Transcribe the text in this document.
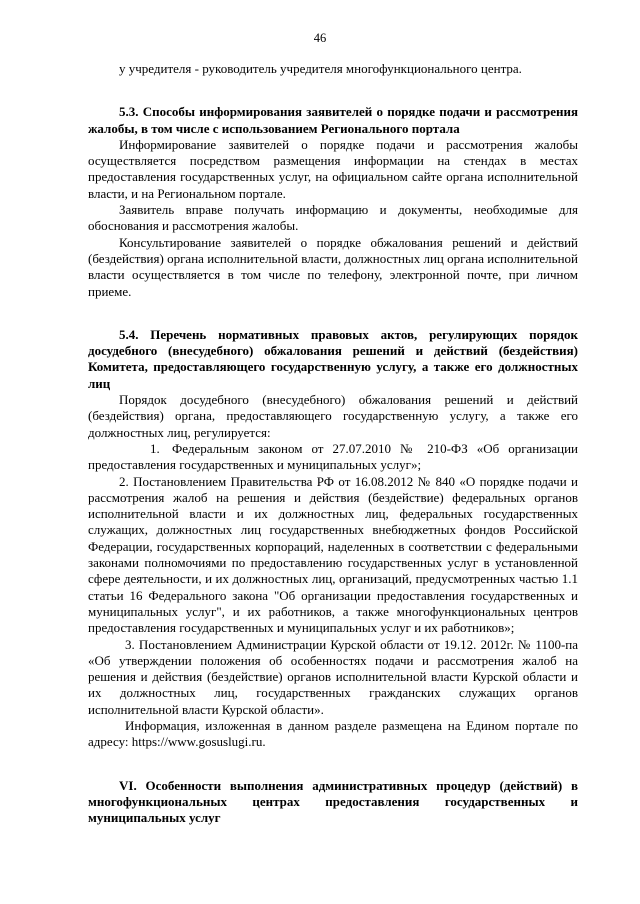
46

у учредителя - руководитель учредителя многофункционального центра.

5.3. Способы информирования заявителей о порядке подачи и рассмотрения жалобы, в том числе с использованием Регионального портала

Информирование заявителей о порядке подачи и рассмотрения жалобы осуществляется посредством размещения информации на стендах в местах предоставления государственных услуг, на официальном сайте органа исполнительной власти, и на Региональном портале.

Заявитель вправе получать информацию и документы, необходимые для обоснования и рассмотрения жалобы.

Консультирование заявителей о порядке обжалования решений и действий (бездействия) органа исполнительной власти, должностных лиц органа исполнительной власти осуществляется в том числе по телефону, электронной почте, при личном приеме.

5.4. Перечень нормативных правовых актов, регулирующих порядок досудебного (внесудебного) обжалования решений и действий (бездействия) Комитета, предоставляющего государственную услугу, а также его должностных лиц

Порядок досудебного (внесудебного) обжалования решений и действий (бездействия) органа, предоставляющего государственную услугу, а также его должностных лиц, регулируется:

1. Федеральным законом от 27.07.2010 № 210-ФЗ «Об организации предоставления государственных и муниципальных услуг»;

2. Постановлением Правительства РФ от 16.08.2012 № 840 «О порядке подачи и рассмотрения жалоб на решения и действия (бездействие) федеральных органов исполнительной власти и их должностных лиц, федеральных государственных служащих, должностных лиц государственных внебюджетных фондов Российской Федерации, государственных корпораций, наделенных в соответствии с федеральными законами полномочиями по предоставлению государственных услуг в установленной сфере деятельности, и их должностных лиц, организаций, предусмотренных частью 1.1 статьи 16 Федерального закона "Об организации предоставления государственных и муниципальных услуг", и их работников, а также многофункциональных центров предоставления государственных и муниципальных услуг и их работников»;

3. Постановлением Администрации Курской области от 19.12. 2012г. № 1100-па «Об утверждении положения об особенностях подачи и рассмотрения жалоб на решения и действия (бездействие) органов исполнительной власти Курской области и их должностных лиц, государственных гражданских служащих органов исполнительной власти Курской области».

Информация, изложенная в данном разделе размещена на Едином портале по адресу: https://www.gosuslugi.ru.

VI. Особенности выполнения административных процедур (действий) в многофункциональных центрах предоставления государственных и муниципальных услуг
